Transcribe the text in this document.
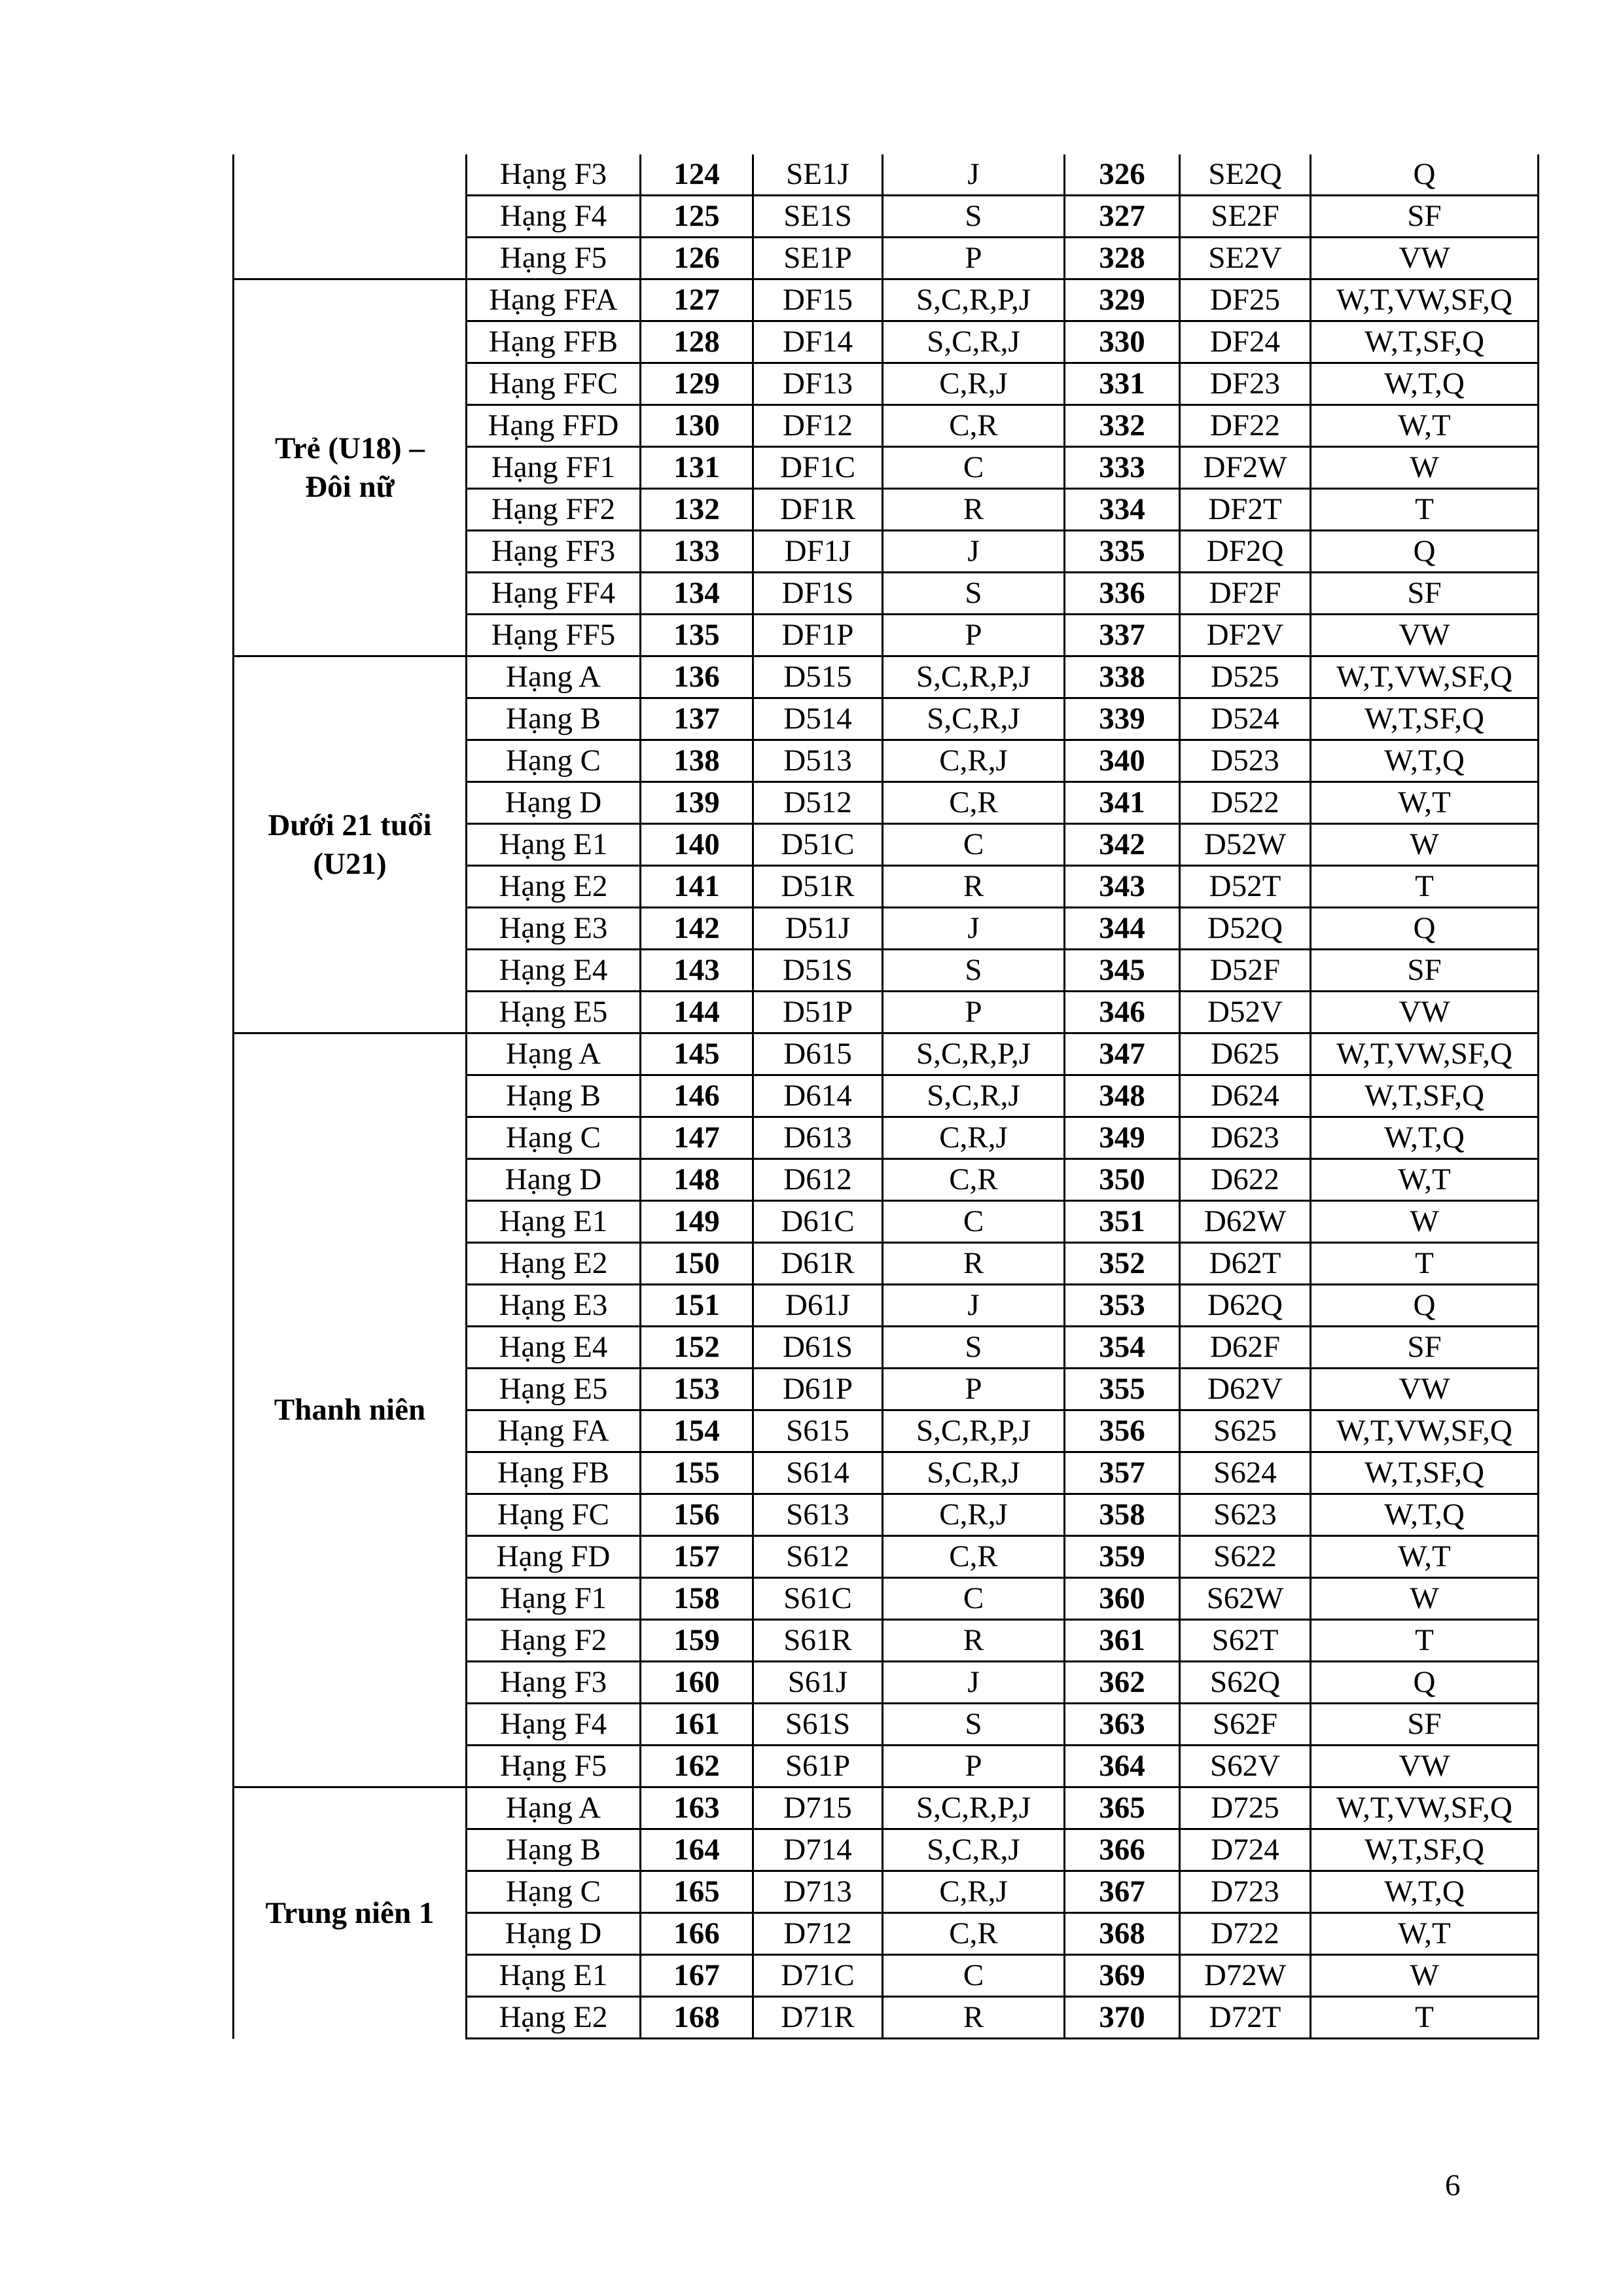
	Hạng F3	124	SE1J	J	326	SE2Q	Q
	Hạng F4	125	SE1S	S	327	SE2F	SF
	Hạng F5	126	SE1P	P	328	SE2V	VW
Trẻ (U18) –
Đôi nữ	Hạng FFA	127	DF15	S,C,R,P,J	329	DF25	W,T,VW,SF,Q
	Hạng FFB	128	DF14	S,C,R,J	330	DF24	W,T,SF,Q
	Hạng FFC	129	DF13	C,R,J	331	DF23	W,T,Q
	Hạng FFD	130	DF12	C,R	332	DF22	W,T
	Hạng FF1	131	DF1C	C	333	DF2W	W
	Hạng FF2	132	DF1R	R	334	DF2T	T
	Hạng FF3	133	DF1J	J	335	DF2Q	Q
	Hạng FF4	134	DF1S	S	336	DF2F	SF
	Hạng FF5	135	DF1P	P	337	DF2V	VW
Dưới 21 tuổi
(U21)	Hạng A	136	D515	S,C,R,P,J	338	D525	W,T,VW,SF,Q
	Hạng B	137	D514	S,C,R,J	339	D524	W,T,SF,Q
	Hạng C	138	D513	C,R,J	340	D523	W,T,Q
	Hạng D	139	D512	C,R	341	D522	W,T
	Hạng E1	140	D51C	C	342	D52W	W
	Hạng E2	141	D51R	R	343	D52T	T
	Hạng E3	142	D51J	J	344	D52Q	Q
	Hạng E4	143	D51S	S	345	D52F	SF
	Hạng E5	144	D51P	P	346	D52V	VW
Thanh niên	Hạng A	145	D615	S,C,R,P,J	347	D625	W,T,VW,SF,Q
	Hạng B	146	D614	S,C,R,J	348	D624	W,T,SF,Q
	Hạng C	147	D613	C,R,J	349	D623	W,T,Q
	Hạng D	148	D612	C,R	350	D622	W,T
	Hạng E1	149	D61C	C	351	D62W	W
	Hạng E2	150	D61R	R	352	D62T	T
	Hạng E3	151	D61J	J	353	D62Q	Q
	Hạng E4	152	D61S	S	354	D62F	SF
	Hạng E5	153	D61P	P	355	D62V	VW
	Hạng FA	154	S615	S,C,R,P,J	356	S625	W,T,VW,SF,Q
	Hạng FB	155	S614	S,C,R,J	357	S624	W,T,SF,Q
	Hạng FC	156	S613	C,R,J	358	S623	W,T,Q
	Hạng FD	157	S612	C,R	359	S622	W,T
	Hạng F1	158	S61C	C	360	S62W	W
	Hạng F2	159	S61R	R	361	S62T	T
	Hạng F3	160	S61J	J	362	S62Q	Q
	Hạng F4	161	S61S	S	363	S62F	SF
	Hạng F5	162	S61P	P	364	S62V	VW
Trung niên 1	Hạng A	163	D715	S,C,R,P,J	365	D725	W,T,VW,SF,Q
	Hạng B	164	D714	S,C,R,J	366	D724	W,T,SF,Q
	Hạng C	165	D713	C,R,J	367	D723	W,T,Q
	Hạng D	166	D712	C,R	368	D722	W,T
	Hạng E1	167	D71C	C	369	D72W	W
	Hạng E2	168	D71R	R	370	D72T	T
6
